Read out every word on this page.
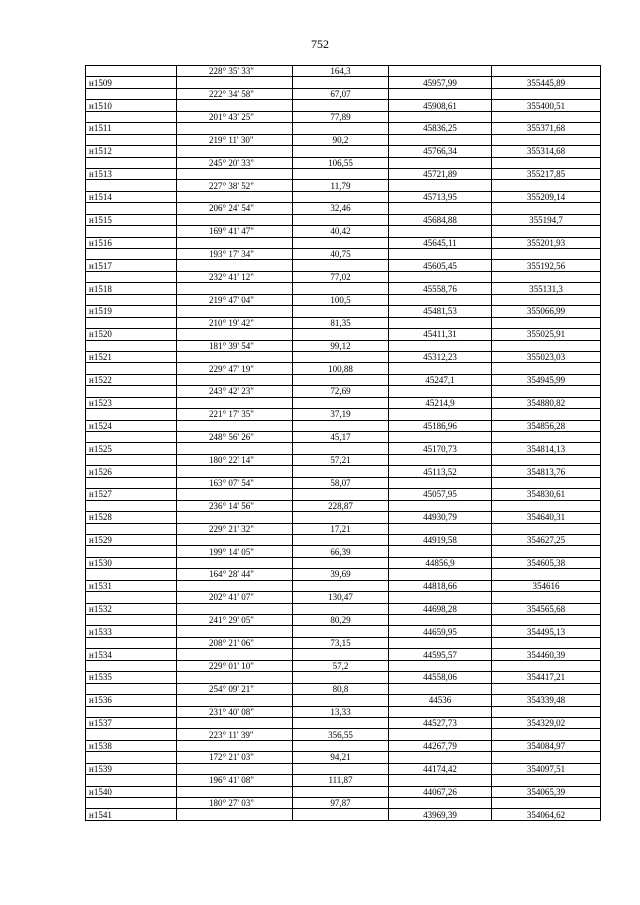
752
	228° 35' 33"	164,3		
н1509			45957,99	355445,89
	222° 34' 58"	67,07		
н1510			45908,61	355400,51
	201° 43' 25"	77,89		
н1511			45836,25	355371,68
	219° 11' 30"	90,2		
н1512			45766,34	355314,68
	245° 20' 33"	106,55		
н1513			45721,89	355217,85
	227° 38' 52"	11,79		
н1514			45713,95	355209,14
	206° 24' 54"	32,46		
н1515			45684,88	355194,7
	169° 41' 47"	40,42		
н1516			45645,11	355201,93
	193° 17' 34"	40,75		
н1517			45605,45	355192,56
	232° 41' 12"	77,02		
н1518			45558,76	355131,3
	219° 47' 04"	100,5		
н1519			45481,53	355066,99
	210° 19' 42"	81,35		
н1520			45411,31	355025,91
	181° 39' 54"	99,12		
н1521			45312,23	355023,03
	229° 47' 19"	100,88		
н1522			45247,1	354945,99
	243° 42' 23"	72,69		
н1523			45214,9	354880,82
	221° 17' 35"	37,19		
н1524			45186,96	354856,28
	248° 56' 26"	45,17		
н1525			45170,73	354814,13
	180° 22' 14"	57,21		
н1526			45113,52	354813,76
	163° 07' 54"	58,07		
н1527			45057,95	354830,61
	236° 14' 56"	228,87		
н1528			44930,79	354640,31
	229° 21' 32"	17,21		
н1529			44919,58	354627,25
	199° 14' 05"	66,39		
н1530			44856,9	354605,38
	164° 28' 44"	39,69		
н1531			44818,66	354616
	202° 41' 07"	130,47		
н1532			44698,28	354565,68
	241° 29' 05"	80,29		
н1533			44659,95	354495,13
	208° 21' 06"	73,15		
н1534			44595,57	354460,39
	229° 01' 10"	57,2		
н1535			44558,06	354417,21
	254° 09' 21"	80,8		
н1536			44536	354339,48
	231° 40' 08"	13,33		
н1537			44527,73	354329,02
	223° 11' 39"	356,55		
н1538			44267,79	354084,97
	172° 21' 03"	94,21		
н1539			44174,42	354097,51
	196° 41' 08"	111,87		
н1540			44067,26	354065,39
	180° 27' 03"	97,87		
н1541			43969,39	354064,62
